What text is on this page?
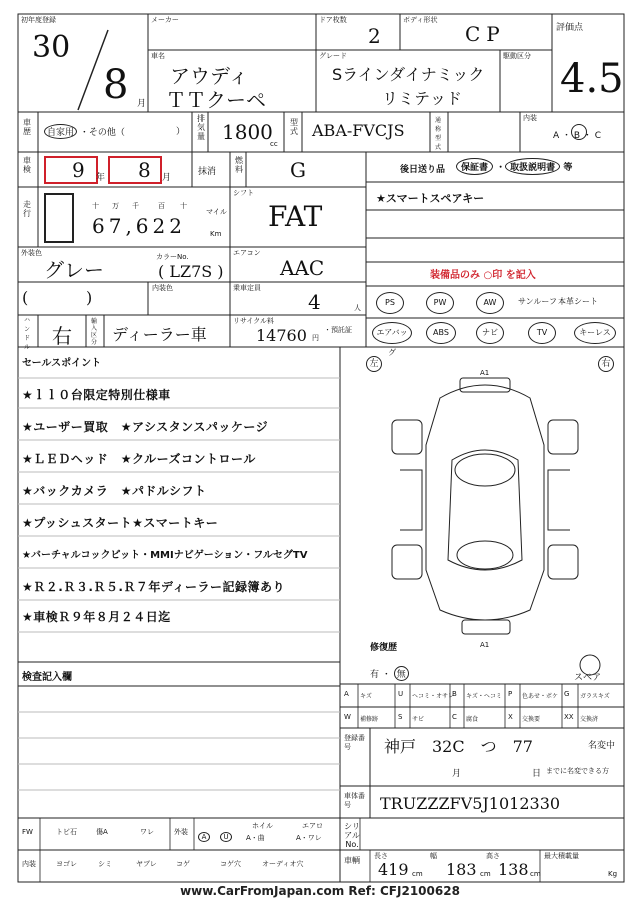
初年度登録
30
8 月
メーカー
車名
アウディ
ＴＴクーペ
ドア枚数
2
ボディ形状
CP
グレード
Sラインダイナミック
リミテッド
駆動区分
評価点
4.5
車歴	自家用 ・その他（	）
排気量 1800
cc
型式 ABA-FVCJS
通称型式
内装
A ・ B ・ C
車検 9 年 8 月
抹消
燃料 G	後日送り品	保証書 ・ 取扱説明書 等
走行
十 万 千	百 十
67,622
マイル
Km
シフト
FAT
★スマートスペアキー
外装色
グレー
カラーNo.
( LZ7S )
エアコン
AAC	装備品のみ ○印 を記入
(	)	内装色	乗車定員
4	人
ハンドル 右
輸入区分 ディーラー車
リサイクル料
14760 円
・預託証
PS	PW	AW	サンルーフ 本革シート
エアバッグ
ABS	ナビ	TV	キーレス
セールスポイント
★ｌｌ０台限定特別仕様車
★ユーザー買取　★アシスタンスパッケージ
★ＬＥＤヘッド　★クルーズコントロール
★バックカメラ　★パドルシフト
★プッシュスタート★スマートキー
★バーチャルコックピット・MMIナビゲーション・フルセグTV
★Ｒ２.Ｒ３.Ｒ５.Ｒ７年ディーラー記録簿あり
★車検Ｒ９年８月２４日迄
左	右
A1
A1
修復歴
有 ・ 無	スペア
検査記入欄
A キズ	U ヘコミ・オサレ
B キズ・ヘコミ P 色あせ・ボケ G ガラスキズ
W 補修跡	S サビ	C 腐食	X 交換要	XX 交換済
登録番号	神戸　32C　つ　77	名変中
月	日 までに名変できる方
車体番号	TRUZZZFV5J1012330
FW	トビ石	傷A	ワレ	外装
A	U
ホイル
A・曲
エアロ
A・ワレ
シリアルNo.
内装	ヨゴレ	シミ	ヤブレ	コゲ	コゲ穴	オーディオ穴	車輌	長さ
419 cm
幅
183 cm
高さ
138 cm
最大積載量
Kg
www.CarFromJapan.com Ref: CFJ2100628
